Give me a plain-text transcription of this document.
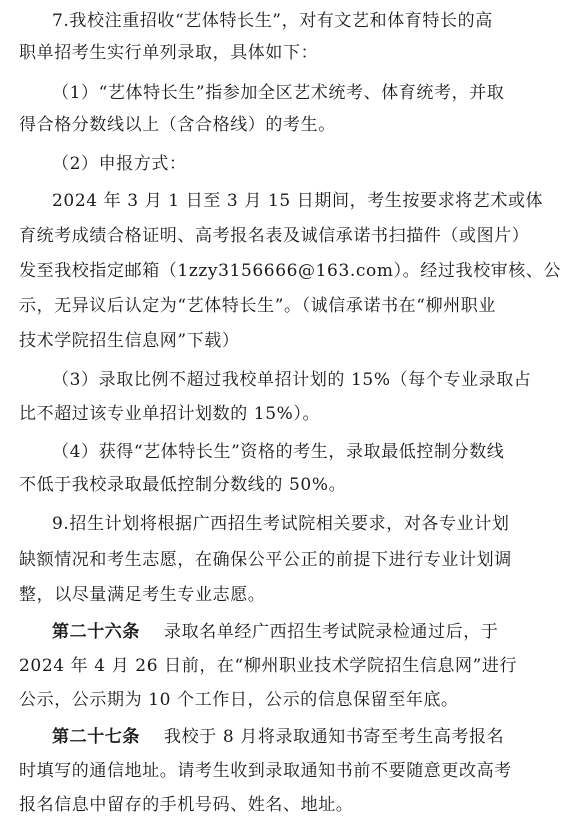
7.我校注重招收“艺体特长生”，对有文艺和体育特长的高
职单招考生实行单列录取，具体如下：
（1）“艺体特长生”指参加全区艺术统考、体育统考，并取
得合格分数线以上（含合格线）的考生。
（2）申报方式：
2024 年 3 月 1 日至 3 月 15 日期间，考生按要求将艺术或体
育统考成绩合格证明、高考报名表及诚信承诺书扫描件（或图片）
发至我校指定邮箱（1zzy3156666@163.com）。经过我校审核、公
示，无异议后认定为“艺体特长生”。（诚信承诺书在“柳州职业
技术学院招生信息网”下载）
（3）录取比例不超过我校单招计划的 15%（每个专业录取占
比不超过该专业单招计划数的 15%）。
（4）获得“艺体特长生”资格的考生，录取最低控制分数线
不低于我校录取最低控制分数线的 50%。
9.招生计划将根据广西招生考试院相关要求，对各专业计划
缺额情况和考生志愿，在确保公平公正的前提下进行专业计划调
整，以尽量满足考生专业志愿。
第二十六条 录取名单经广西招生考试院录检通过后，于
2024 年 4 月 26 日前，在“柳州职业技术学院招生信息网”进行
公示，公示期为 10 个工作日，公示的信息保留至年底。
第二十七条 我校于 8 月将录取通知书寄至考生高考报名
时填写的通信地址。请考生收到录取通知书前不要随意更改高考
报名信息中留存的手机号码、姓名、地址。
